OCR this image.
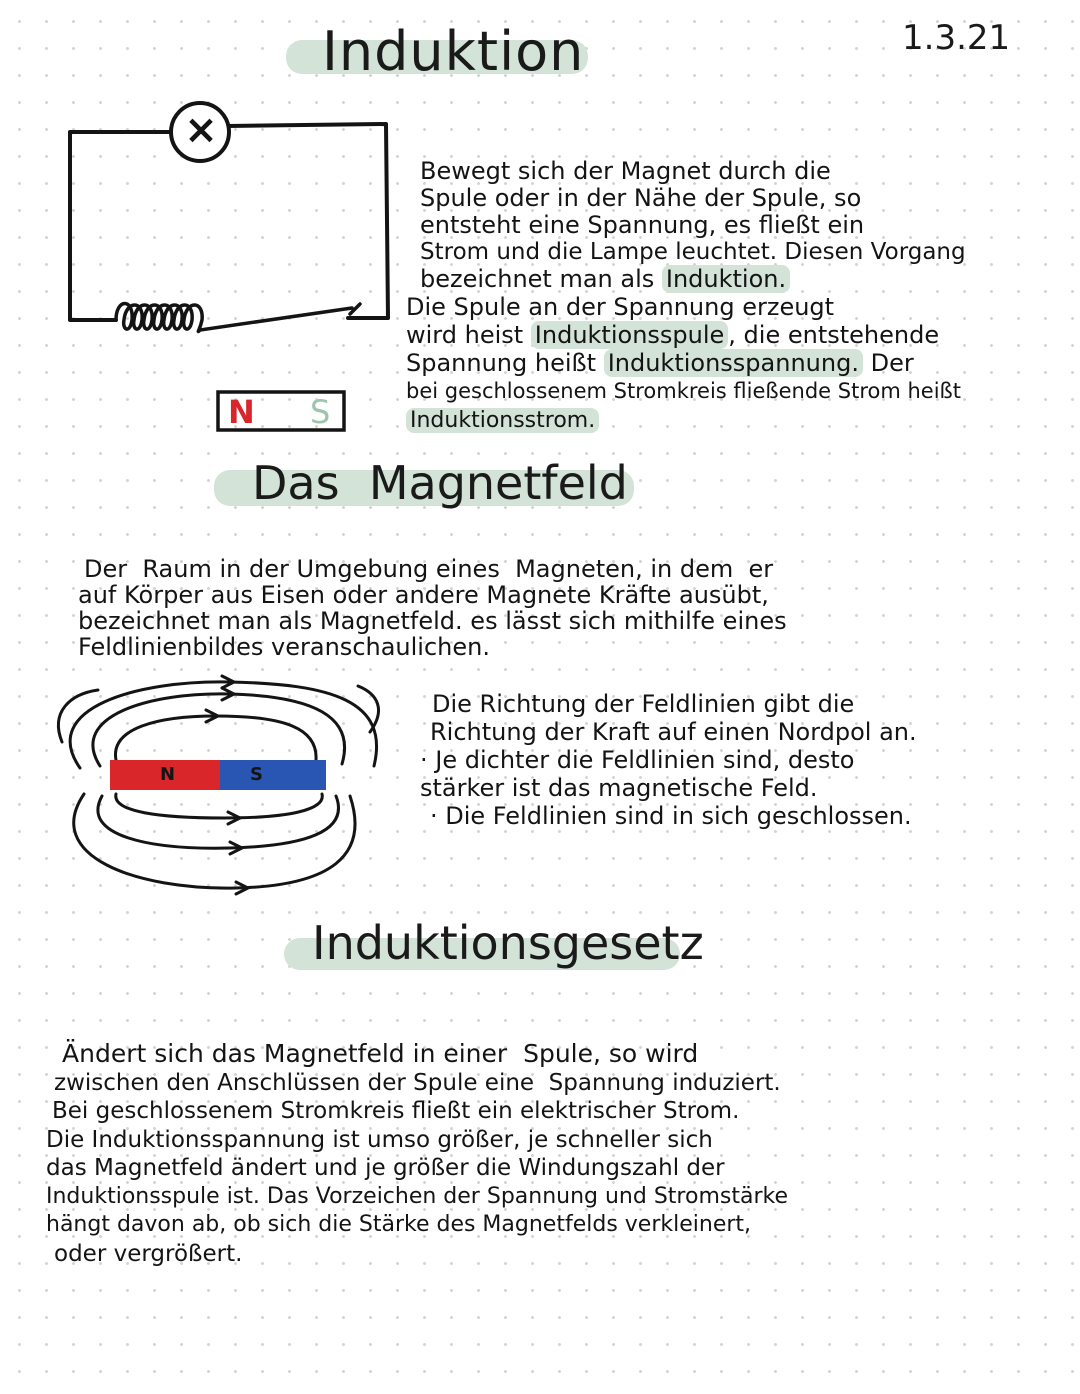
Induktion	1.3.21
×
N S
Bewegt sich der Magnet durch die
Spule oder in der Nähe der Spule, so
entsteht eine Spannung, es fließt ein
Strom und die Lampe leuchtet. Diesen Vorgang
bezeichnet man als Induktion.
Die Spule an der Spannung erzeugt
wird heist Induktionsspule , die entstehende
Spannung heißt Induktionsspannung. Der
bei geschlossenem Stromkreis fließende Strom heißt
Induktionsstrom.
Das  Magnetfeld
Der  Raum in der Umgebung eines  Magneten, in dem  er
auf Körper aus Eisen oder andere Magnete Kräfte ausübt,
bezeichnet man als Magnetfeld. es lässt sich mithilfe eines
Feldlinienbildes veranschaulichen.
N	S
Die Richtung der Feldlinien gibt die
Richtung der Kraft auf einen Nordpol an.
· Je dichter die Feldlinien sind, desto
stärker ist das magnetische Feld.
· Die Feldlinien sind in sich geschlossen.
Induktionsgesetz
Ändert sich das Magnetfeld in einer  Spule, so wird
zwischen den Anschlüssen der Spule eine  Spannung induziert.
Bei geschlossenem Stromkreis fließt ein elektrischer Strom.
Die Induktionsspannung ist umso größer, je schneller sich
das Magnetfeld ändert und je größer die Windungszahl der
Induktionsspule ist. Das Vorzeichen der Spannung und Stromstärke
hängt davon ab, ob sich die Stärke des Magnetfelds verkleinert,
oder vergrößert.
